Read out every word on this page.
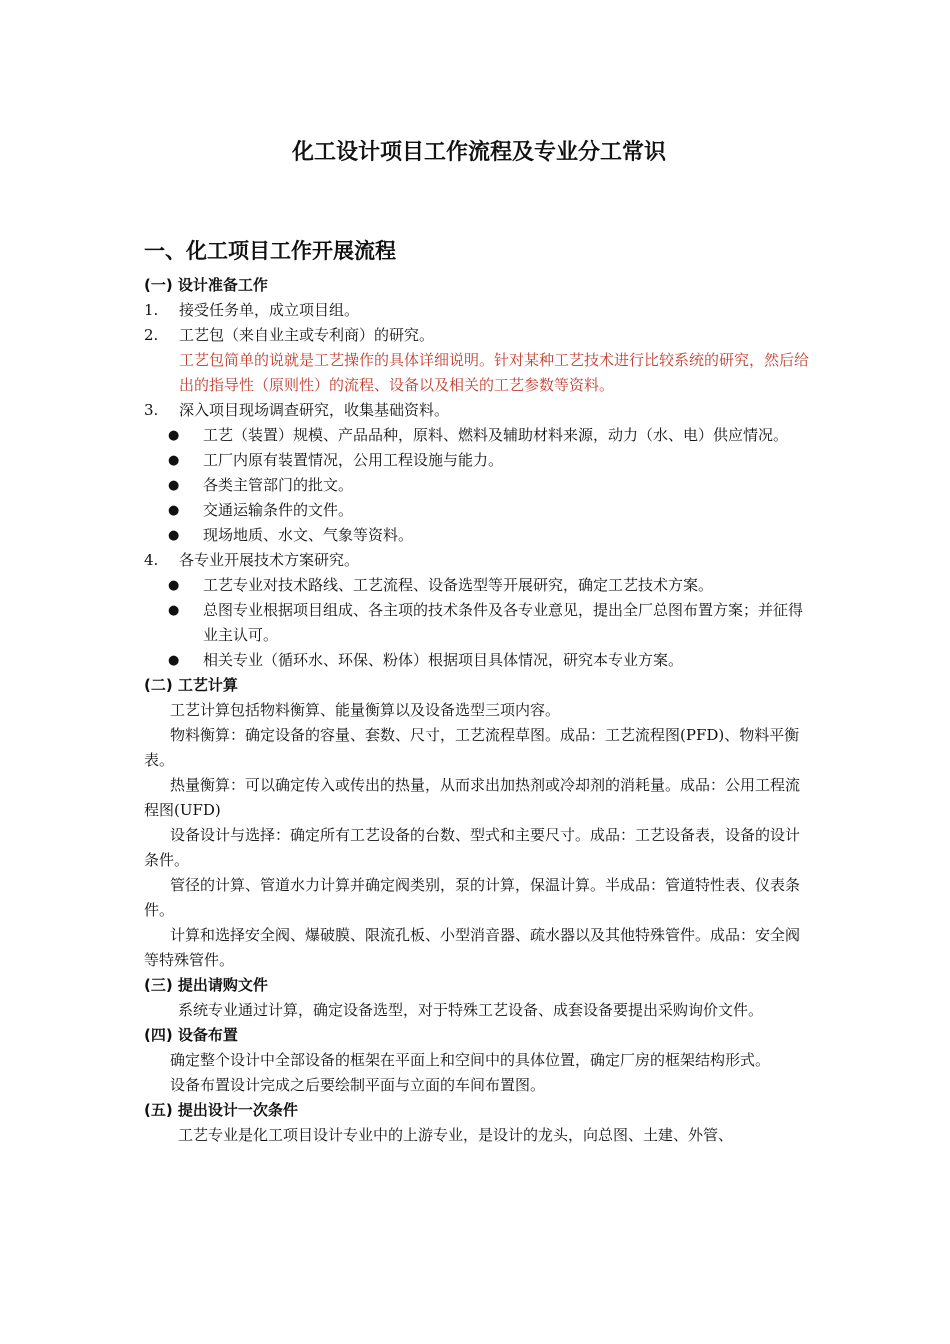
化工设计项目工作流程及专业分工常识
一、化工项目工作开展流程
(一) 设计准备工作
1.	接受任务单，成立项目组。
2.	工艺包（来自业主或专利商）的研究。
工艺包简单的说就是工艺操作的具体详细说明。针对某种工艺技术进行比较系统的研究，然后给出的指导性（原则性）的流程、设备以及相关的工艺参数等资料。
3.	深入项目现场调查研究，收集基础资料。
●	工艺（装置）规模、产品品种，原料、燃料及辅助材料来源，动力（水、电）供应情况。
●	工厂内原有装置情况，公用工程设施与能力。
●	各类主管部门的批文。
●	交通运输条件的文件。
●	现场地质、水文、气象等资料。
4.	各专业开展技术方案研究。
●	工艺专业对技术路线、工艺流程、设备选型等开展研究，确定工艺技术方案。
●	总图专业根据项目组成、各主项的技术条件及各专业意见，提出全厂总图布置方案；并征得业主认可。
●	相关专业（循环水、环保、粉体）根据项目具体情况，研究本专业方案。
(二) 工艺计算
工艺计算包括物料衡算、能量衡算以及设备选型三项内容。
物料衡算：确定设备的容量、套数、尺寸，工艺流程草图。成品：工艺流程图(PFD)、物料平衡表。
热量衡算：可以确定传入或传出的热量，从而求出加热剂或冷却剂的消耗量。成品：公用工程流程图(UFD)
设备设计与选择：确定所有工艺设备的台数、型式和主要尺寸。成品：工艺设备表，设备的设计条件。
管径的计算、管道水力计算并确定阀类别，泵的计算，保温计算。半成品：管道特性表、仪表条件。
计算和选择安全阀、爆破膜、限流孔板、小型消音器、疏水器以及其他特殊管件。成品：安全阀等特殊管件。
(三) 提出请购文件
系统专业通过计算，确定设备选型，对于特殊工艺设备、成套设备要提出采购询价文件。
(四) 设备布置
确定整个设计中全部设备的框架在平面上和空间中的具体位置，确定厂房的框架结构形式。
设备布置设计完成之后要绘制平面与立面的车间布置图。
(五) 提出设计一次条件
工艺专业是化工项目设计专业中的上游专业，是设计的龙头，向总图、土建、外管、
